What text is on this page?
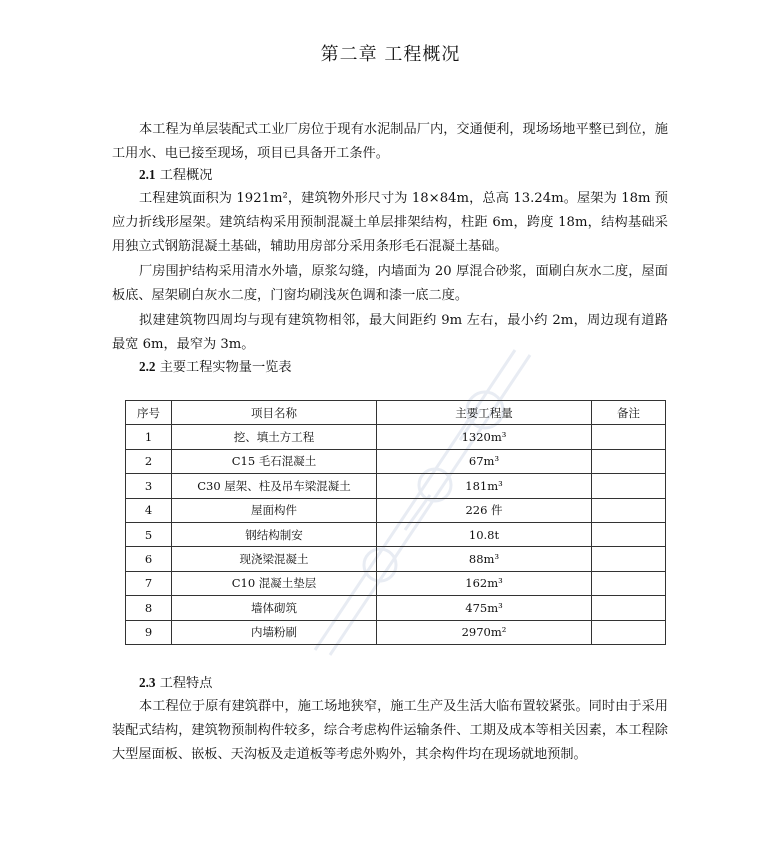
第二章 工程概况

本工程为单层装配式工业厂房位于现有水泥制品厂内，交通便利，现场场地平整已到位，施工用水、电已接至现场，项目已具备开工条件。

2.1 工程概况

工程建筑面积为 1921m²，建筑物外形尺寸为 18×84m，总高 13.24m。屋架为 18m 预应力折线形屋架。建筑结构采用预制混凝土单层排架结构，柱距 6m，跨度 18m，结构基础采用独立式钢筋混凝土基础，辅助用房部分采用条形毛石混凝土基础。

厂房围护结构采用清水外墙，原浆勾缝，内墙面为 20 厚混合砂浆，面刷白灰水二度，屋面板底、屋架刷白灰水二度，门窗均刷浅灰色调和漆一底二度。

拟建建筑物四周均与现有建筑物相邻，最大间距约 9m 左右，最小约 2m，周边现有道路最宽 6m，最窄为 3m。

2.2 主要工程实物量一览表

序号	项目名称	主要工程量	备注
1	挖、填土方工程	1320m³	
2	C15 毛石混凝土	67m³	
3	C30 屋架、柱及吊车梁混凝土	181m³	
4	屋面构件	226 件	
5	钢结构制安	10.8t	
6	现浇梁混凝土	88m³	
7	C10 混凝土垫层	162m³	
8	墙体砌筑	475m³	
9	内墙粉刷	2970m²	

2.3 工程特点

本工程位于原有建筑群中，施工场地狭窄，施工生产及生活大临布置较紧张。同时由于采用装配式结构，建筑物预制构件较多，综合考虑构件运输条件、工期及成本等相关因素，本工程除大型屋面板、嵌板、天沟板及走道板等考虑外购外，其余构件均在现场就地预制。
